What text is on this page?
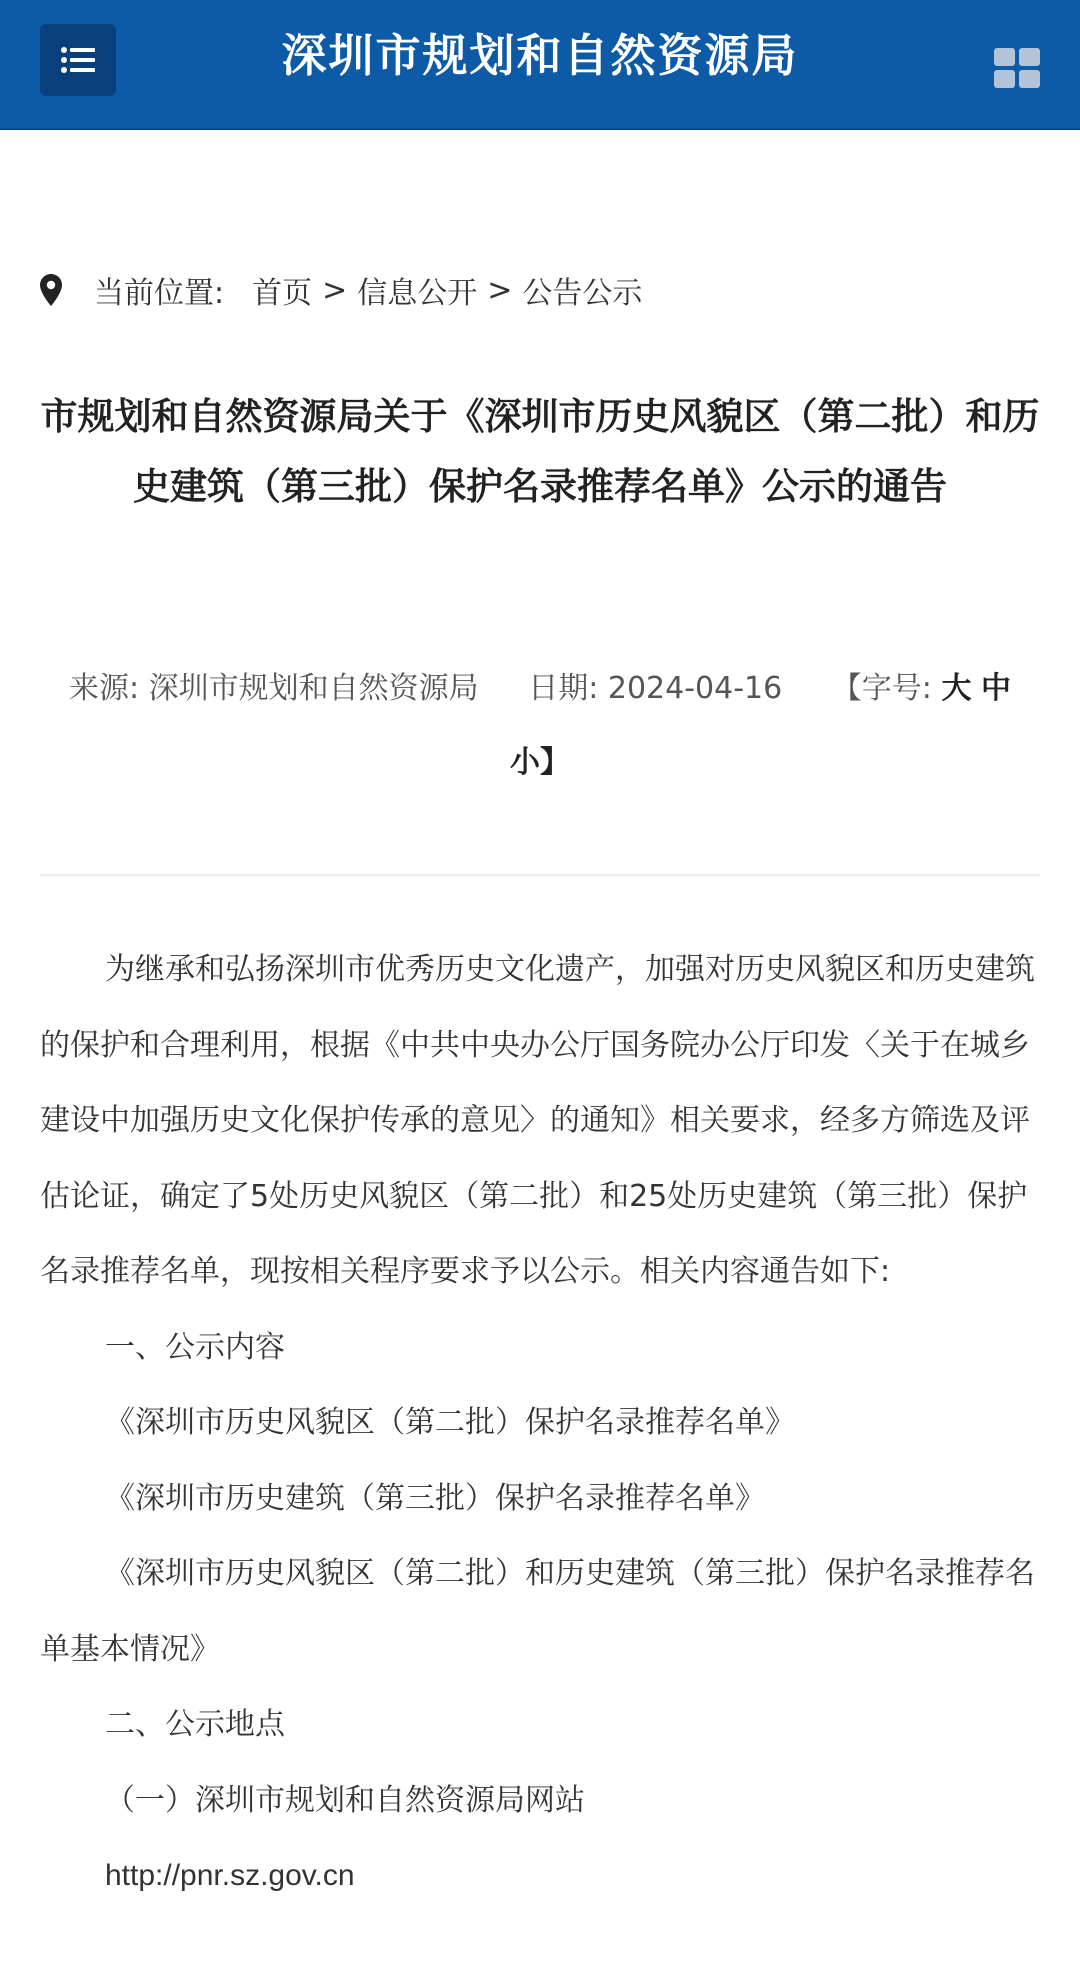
深圳市规划和自然资源局
当前位置: 首页 > 信息公开 > 公告公示
市规划和自然资源局关于《深圳市历史风貌区（第二批）和历史建筑（第三批）保护名录推荐名单》公示的通告
来源: 深圳市规划和自然资源局 日期: 2024-04-16 【字号: 大 中 小】

为继承和弘扬深圳市优秀历史文化遗产，加强对历史风貌区和历史建筑的保护和合理利用，根据《中共中央办公厅国务院办公厅印发〈关于在城乡建设中加强历史文化保护传承的意见〉的通知》相关要求，经多方筛选及评估论证，确定了5处历史风貌区（第二批）和25处历史建筑（第三批）保护名录推荐名单，现按相关程序要求予以公示。相关内容通告如下:

一、公示内容

《深圳市历史风貌区（第二批）保护名录推荐名单》

《深圳市历史建筑（第三批）保护名录推荐名单》

《深圳市历史风貌区（第二批）和历史建筑（第三批）保护名录推荐名单基本情况》

二、公示地点

（一）深圳市规划和自然资源局网站

http://pnr.sz.gov.cn
